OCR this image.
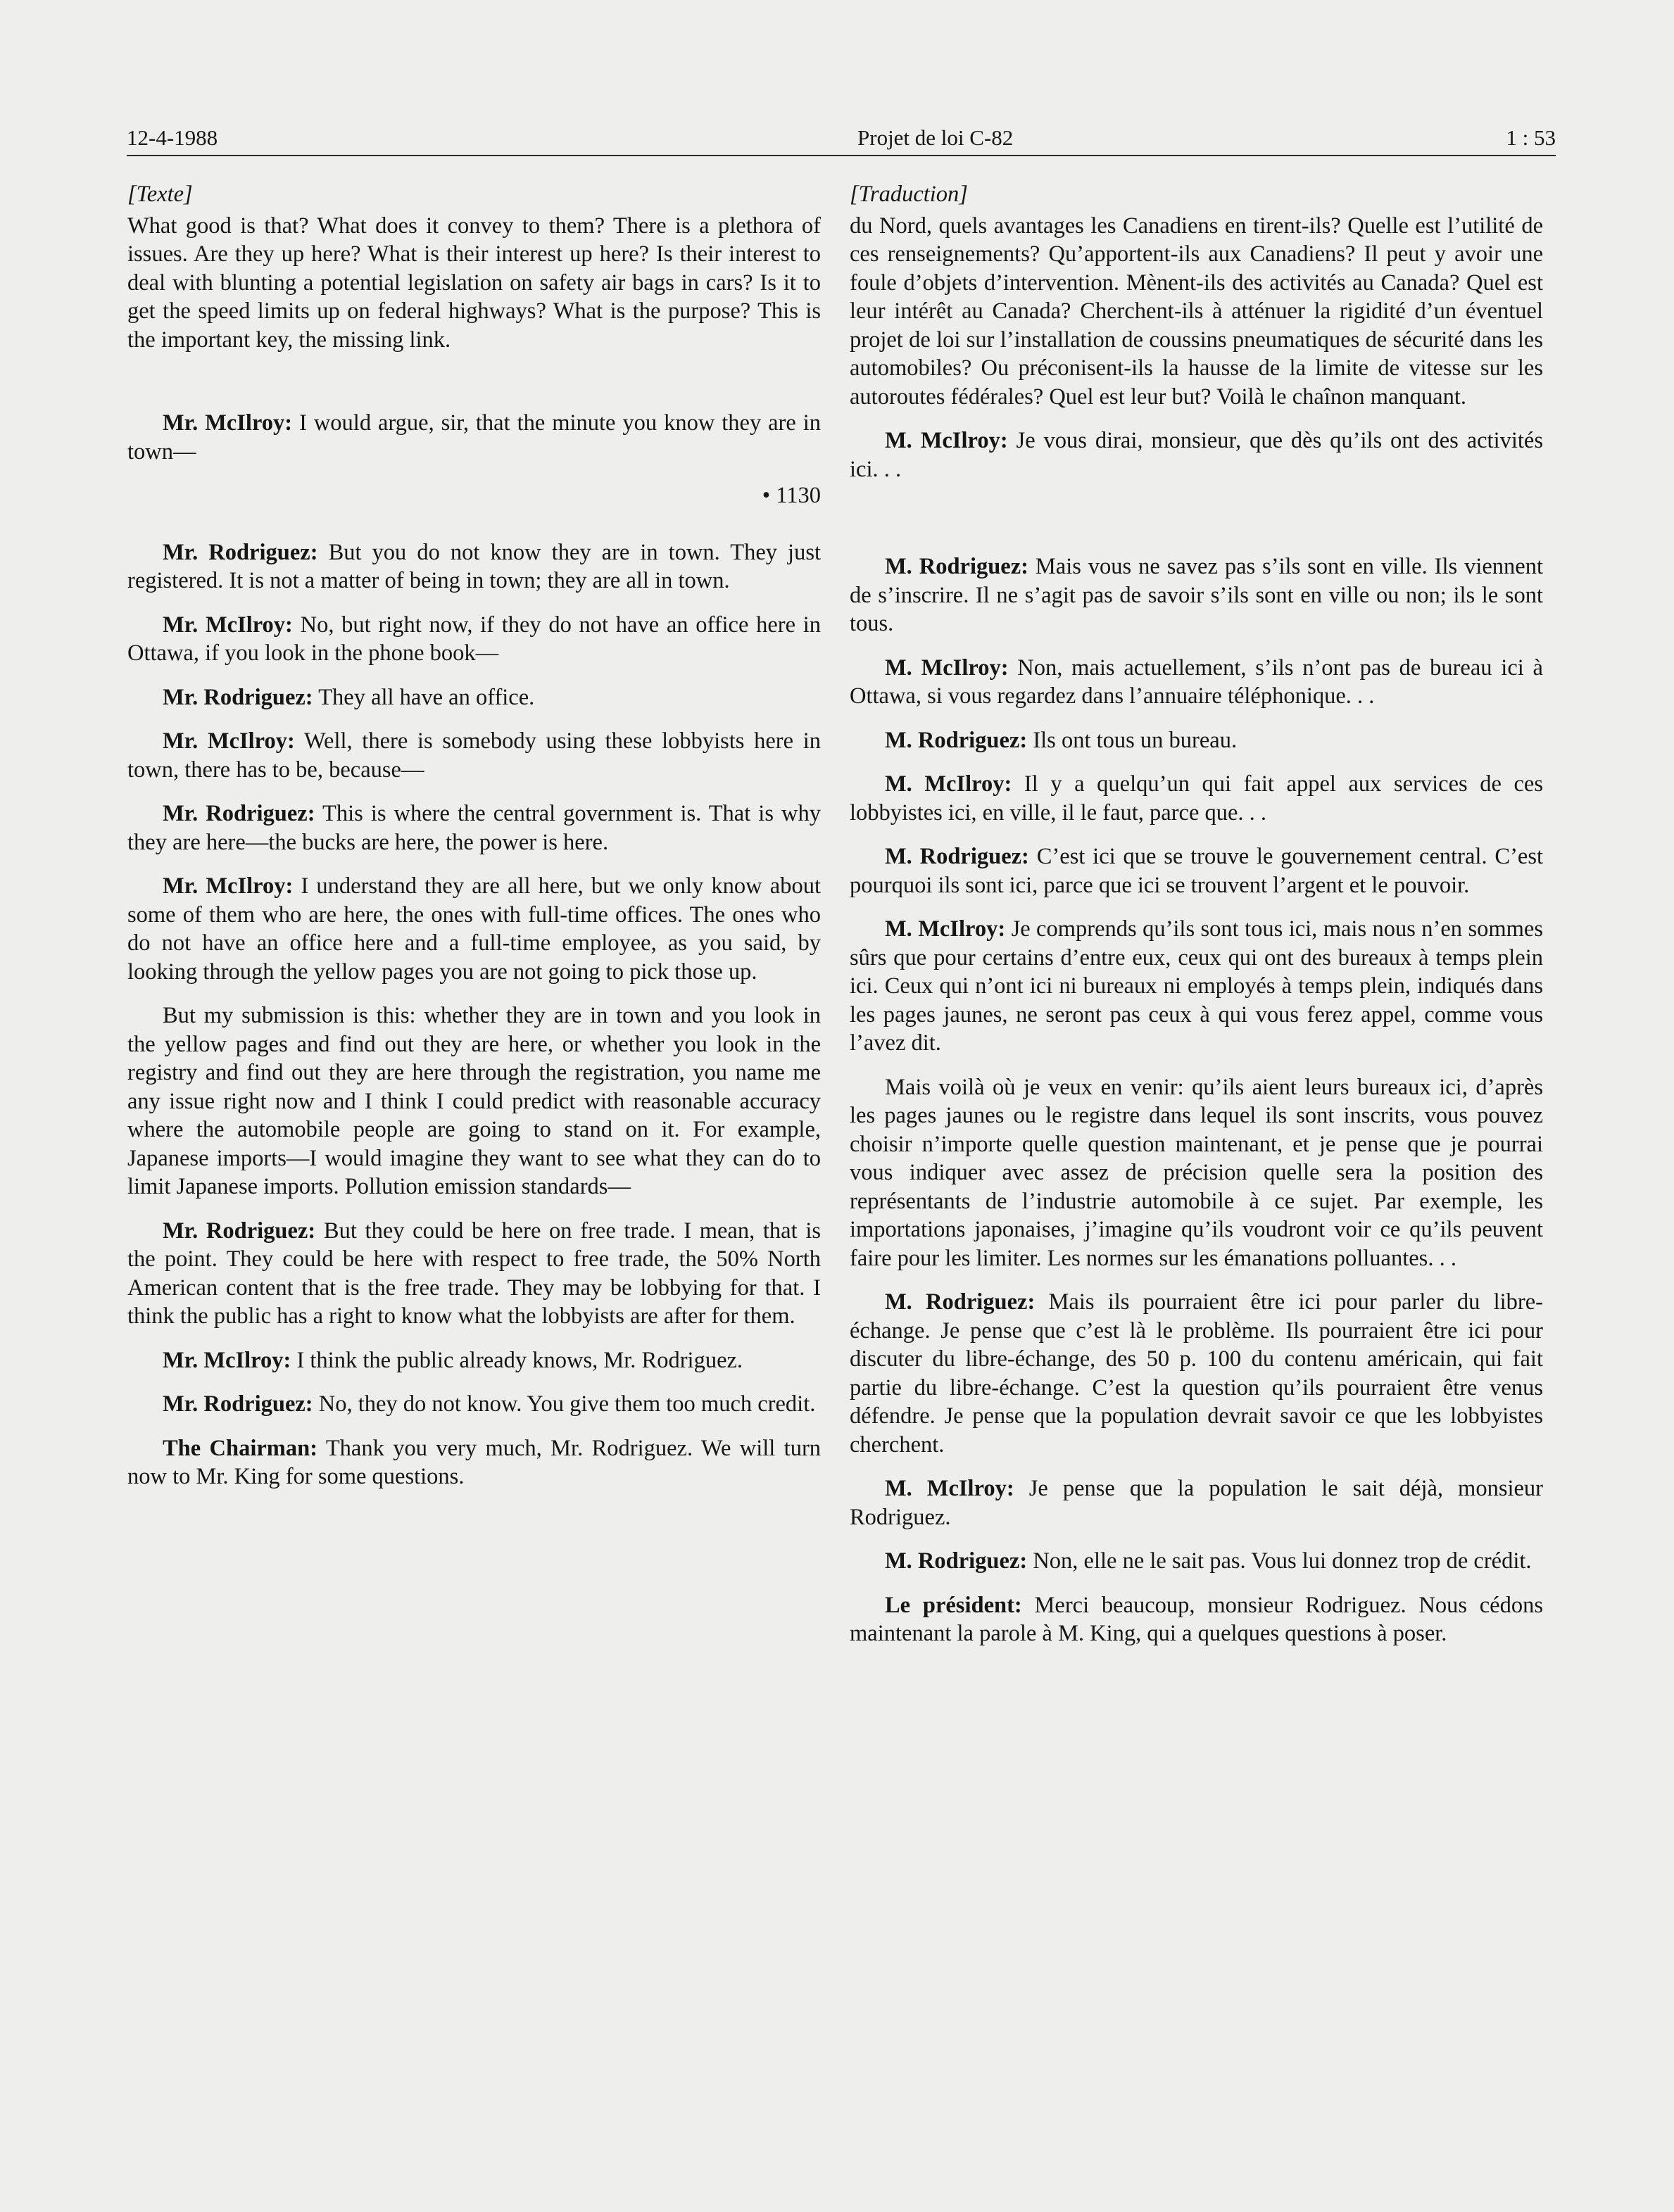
12-4-1988	Projet de loi C-82	1 : 53
[Texte]

What good is that? What does it convey to them? There is a plethora of issues. Are they up here? What is their interest up here? Is their interest to deal with blunting a potential legislation on safety air bags in cars? Is it to get the speed limits up on federal highways? What is the purpose? This is the important key, the missing link.

Mr. McIlroy: I would argue, sir, that the minute you know they are in town—

• 1130

Mr. Rodriguez: But you do not know they are in town. They just registered. It is not a matter of being in town; they are all in town.

Mr. McIlroy: No, but right now, if they do not have an office here in Ottawa, if you look in the phone book—

Mr. Rodriguez: They all have an office.

Mr. McIlroy: Well, there is somebody using these lobbyists here in town, there has to be, because—

Mr. Rodriguez: This is where the central government is. That is why they are here—the bucks are here, the power is here.

Mr. McIlroy: I understand they are all here, but we only know about some of them who are here, the ones with full-time offices. The ones who do not have an office here and a full-time employee, as you said, by looking through the yellow pages you are not going to pick those up.

But my submission is this: whether they are in town and you look in the yellow pages and find out they are here, or whether you look in the registry and find out they are here through the registration, you name me any issue right now and I think I could predict with reasonable accuracy where the automobile people are going to stand on it. For example, Japanese imports—I would imagine they want to see what they can do to limit Japanese imports. Pollution emission standards—

Mr. Rodriguez: But they could be here on free trade. I mean, that is the point. They could be here with respect to free trade, the 50% North American content that is the free trade. They may be lobbying for that. I think the public has a right to know what the lobbyists are after for them.

Mr. McIlroy: I think the public already knows, Mr. Rodriguez.

Mr. Rodriguez: No, they do not know. You give them too much credit.

The Chairman: Thank you very much, Mr. Rodriguez. We will turn now to Mr. King for some questions.

[Traduction]

du Nord, quels avantages les Canadiens en tirent-ils? Quelle est l’utilité de ces renseignements? Qu’apportent-ils aux Canadiens? Il peut y avoir une foule d’objets d’intervention. Mènent-ils des activités au Canada? Quel est leur intérêt au Canada? Cherchent-ils à atténuer la rigidité d’un éventuel projet de loi sur l’installation de coussins pneumatiques de sécurité dans les automobiles? Ou préconisent-ils la hausse de la limite de vitesse sur les autoroutes fédérales? Quel est leur but? Voilà le chaînon manquant.

M. McIlroy: Je vous dirai, monsieur, que dès qu’ils ont des activités ici. . .

M. Rodriguez: Mais vous ne savez pas s’ils sont en ville. Ils viennent de s’inscrire. Il ne s’agit pas de savoir s’ils sont en ville ou non; ils le sont tous.

M. McIlroy: Non, mais actuellement, s’ils n’ont pas de bureau ici à Ottawa, si vous regardez dans l’annuaire téléphonique. . .

M. Rodriguez: Ils ont tous un bureau.

M. McIlroy: Il y a quelqu’un qui fait appel aux services de ces lobbyistes ici, en ville, il le faut, parce que. . .

M. Rodriguez: C’est ici que se trouve le gouvernement central. C’est pourquoi ils sont ici, parce que ici se trouvent l’argent et le pouvoir.

M. McIlroy: Je comprends qu’ils sont tous ici, mais nous n’en sommes sûrs que pour certains d’entre eux, ceux qui ont des bureaux à temps plein ici. Ceux qui n’ont ici ni bureaux ni employés à temps plein, indiqués dans les pages jaunes, ne seront pas ceux à qui vous ferez appel, comme vous l’avez dit.

Mais voilà où je veux en venir: qu’ils aient leurs bureaux ici, d’après les pages jaunes ou le registre dans lequel ils sont inscrits, vous pouvez choisir n’importe quelle question maintenant, et je pense que je pourrai vous indiquer avec assez de précision quelle sera la position des représentants de l’industrie automobile à ce sujet. Par exemple, les importations japonaises, j’imagine qu’ils voudront voir ce qu’ils peuvent faire pour les limiter. Les normes sur les émanations polluantes. . .

M. Rodriguez: Mais ils pourraient être ici pour parler du libre-échange. Je pense que c’est là le problème. Ils pourraient être ici pour discuter du libre-échange, des 50 p. 100 du contenu américain, qui fait partie du libre-échange. C’est la question qu’ils pourraient être venus défendre. Je pense que la population devrait savoir ce que les lobbyistes cherchent.

M. McIlroy: Je pense que la population le sait déjà, monsieur Rodriguez.

M. Rodriguez: Non, elle ne le sait pas. Vous lui donnez trop de crédit.

Le président: Merci beaucoup, monsieur Rodriguez. Nous cédons maintenant la parole à M. King, qui a quelques questions à poser.
